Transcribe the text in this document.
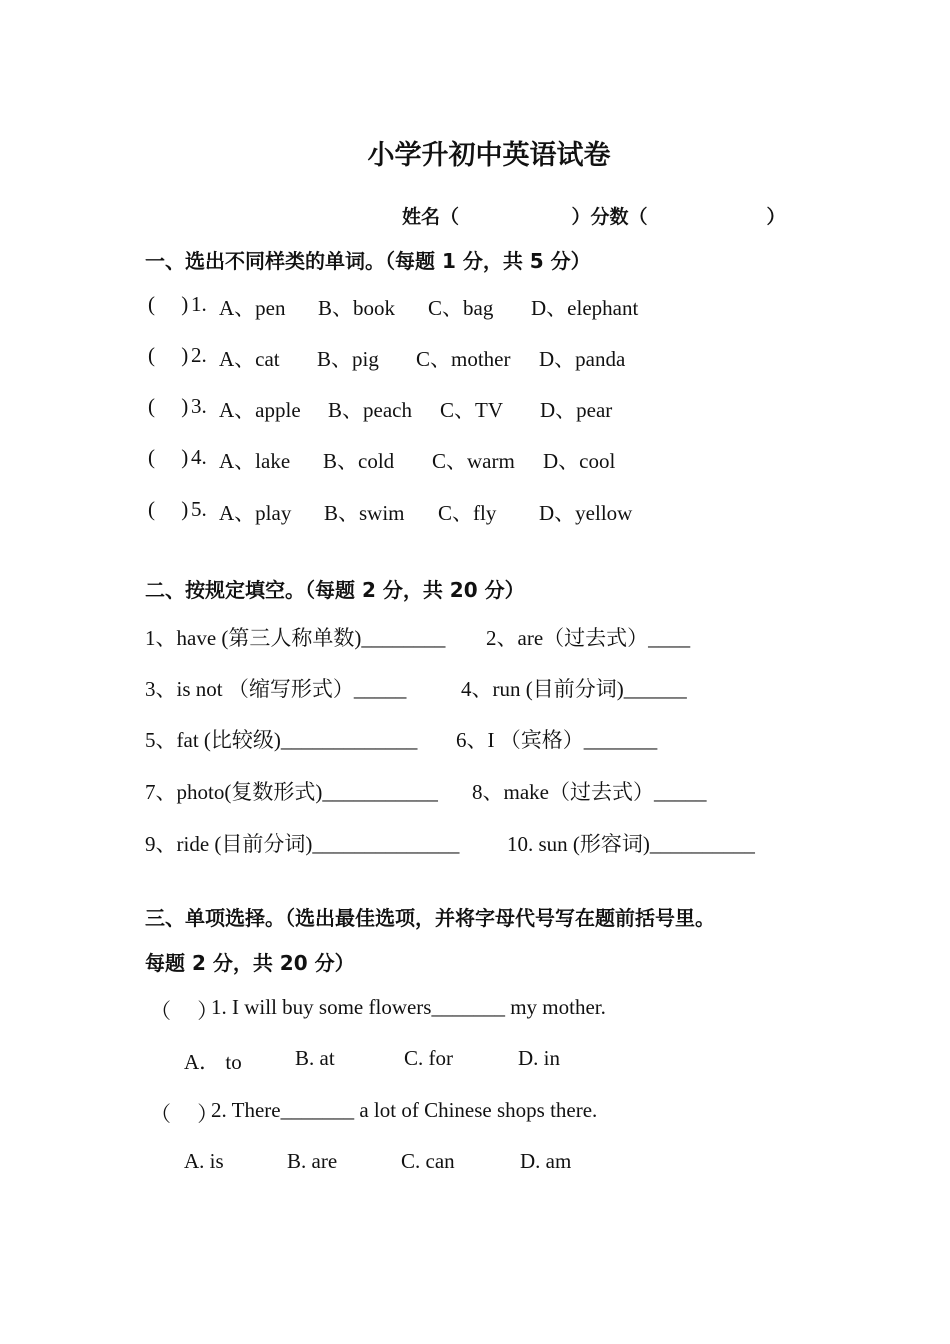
小学升初中英语试卷
姓名（                 ）分数（                  ）
一、选出不同样类的单词。（每题 1 分，共 5 分）
(     ) 1. A、pen B、book C、bag D、elephant
(     ) 2. A、cat B、pig C、mother D、panda
(     ) 3. A、apple B、peach C、TV D、pear
(     ) 4. A、lake B、cold C、warm D、cool
(     ) 5. A、play B、swim C、fly D、yellow
二、按规定填空。（每题 2 分，共 20 分）
1、have (第三人称单数)________ 2、are（过去式）____
3、is not （缩写形式）_____	4、run (目前分词)______
5、fat (比较级)_____________ 6、I （宾格）_______
7、photo(复数形式)___________ 8、make（过去式）_____
9、ride (目前分词)______________ 10. sun (形容词)__________
三、单项选择。（选出最佳选项，并将字母代号写在题前括号里。
每题 2 分，共 20 分）
（     ）
1. I will buy some flowers_______ my mother.
A． to	B. at	C. for	D. in
（     ）
2. There_______ a lot of Chinese shops there.
A. is	B. are	C. can	D. am
